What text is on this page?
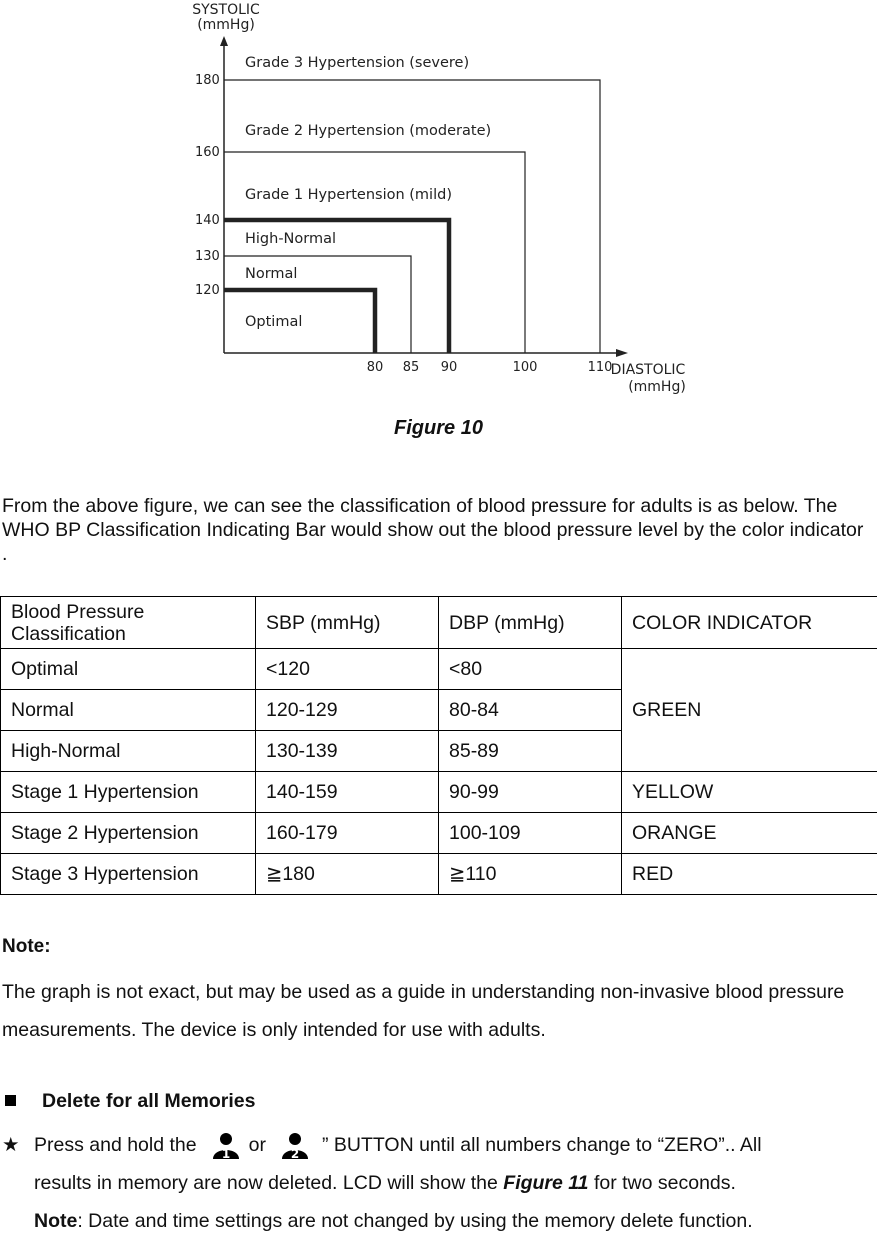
Optimal
Normal
High-Normal
Grade 1 Hypertension (mild)
Grade 2 Hypertension (moderate)
Grade 3 Hypertension (severe)
120
130
140
160
180
80 85 90	100	110
SYSTOLIC
(mmHg)
DIASTOLIC
(mmHg)
Figure 10
From the above figure, we can see the classification of blood pressure for adults is as below. The WHO BP Classification Indicating Bar would show out the blood pressure level by the color indicator .
Blood Pressure Classification	SBP (mmHg)	DBP (mmHg)	COLOR INDICATOR
Optimal	<120	<80	GREEN
Normal	120-129	80-84	
High-Normal	130-139	85-89	
Stage 1 Hypertension	140-159	90-99	YELLOW
Stage 2 Hypertension	160-179	100-109	ORANGE
Stage 3 Hypertension	≧180	≧110	RED
Note:
The graph is not exact, but may be used as a guide in understanding non-invasive blood pressure measurements. The device is only intended for use with adults.
Delete for all Memories
★ Press and hold the 1 or 2 ” BUTTON until all numbers change to “ZERO”.. All
results in memory are now deleted. LCD will show the Figure 11 for two seconds.
Note: Date and time settings are not changed by using the memory delete function.
